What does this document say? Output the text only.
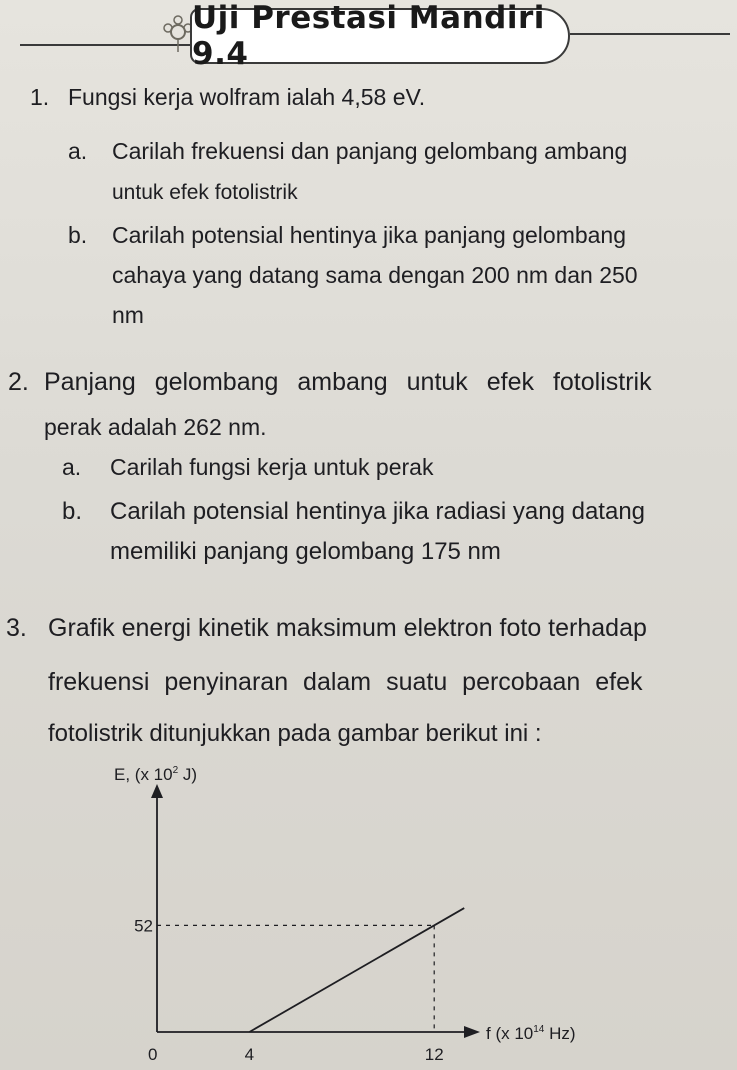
Uji Prestasi Mandiri 9.4
1. Fungsi kerja wolfram ialah 4,58 eV.
a. Carilah frekuensi dan panjang gelombang ambang
untuk efek fotolistrik
b. Carilah potensial hentinya jika panjang gelombang
cahaya yang datang sama dengan 200 nm dan 250
nm
2. Panjang gelombang ambang untuk efek fotolistrik
perak adalah 262 nm.
a. Carilah fungsi kerja untuk perak
b. Carilah potensial hentinya jika radiasi yang datang
memiliki panjang gelombang 175 nm
3. Grafik energi kinetik maksimum elektron foto terhadap
frekuensi penyinaran dalam suatu percobaan efek
fotolistrik ditunjukkan pada gambar berikut ini :
E, (x $10^2$ J)
f (x $10^{14}$ Hz)
0	4	12
52
